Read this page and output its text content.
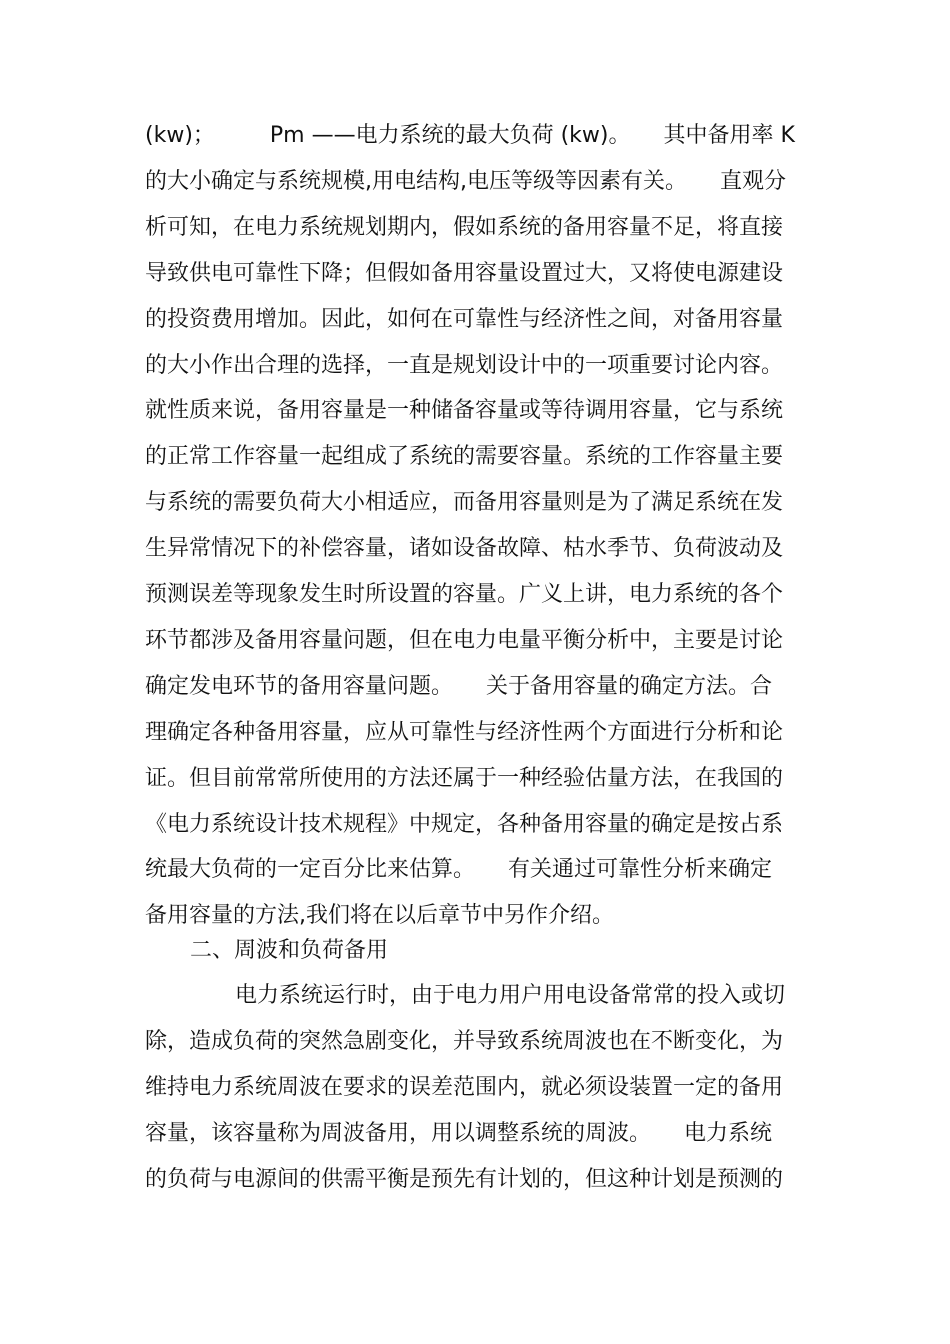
(kw)；　　　Pm ——电力系统的最大负荷 (kw)。　　其中备用率 K
的大小确定与系统规模,用电结构,电压等级等因素有关。　　直观分
析可知，在电力系统规划期内，假如系统的备用容量不足，将直接
导致供电可靠性下降；但假如备用容量设置过大，又将使电源建设
的投资费用增加。因此，如何在可靠性与经济性之间，对备用容量
的大小作出合理的选择，一直是规划设计中的一项重要讨论内容。
就性质来说，备用容量是一种储备容量或等待调用容量，它与系统
的正常工作容量一起组成了系统的需要容量。系统的工作容量主要
与系统的需要负荷大小相适应，而备用容量则是为了满足系统在发
生异常情况下的补偿容量，诸如设备故障、枯水季节、负荷波动及
预测误差等现象发生时所设置的容量。广义上讲，电力系统的各个
环节都涉及备用容量问题，但在电力电量平衡分析中，主要是讨论
确定发电环节的备用容量问题。　　关于备用容量的确定方法。合
理确定各种备用容量，应从可靠性与经济性两个方面进行分析和论
证。但目前常常所使用的方法还属于一种经验估量方法，在我国的
《电力系统设计技术规程》中规定，各种备用容量的确定是按占系
统最大负荷的一定百分比来估算。　　有关通过可靠性分析来确定
备用容量的方法,我们将在以后章节中另作介绍。
二、周波和负荷备用
电力系统运行时，由于电力用户用电设备常常的投入或切
除，造成负荷的突然急剧变化，并导致系统周波也在不断变化，为
维持电力系统周波在要求的误差范围内，就必须设装置一定的备用
容量，该容量称为周波备用，用以调整系统的周波。　　电力系统
的负荷与电源间的供需平衡是预先有计划的，但这种计划是预测的
